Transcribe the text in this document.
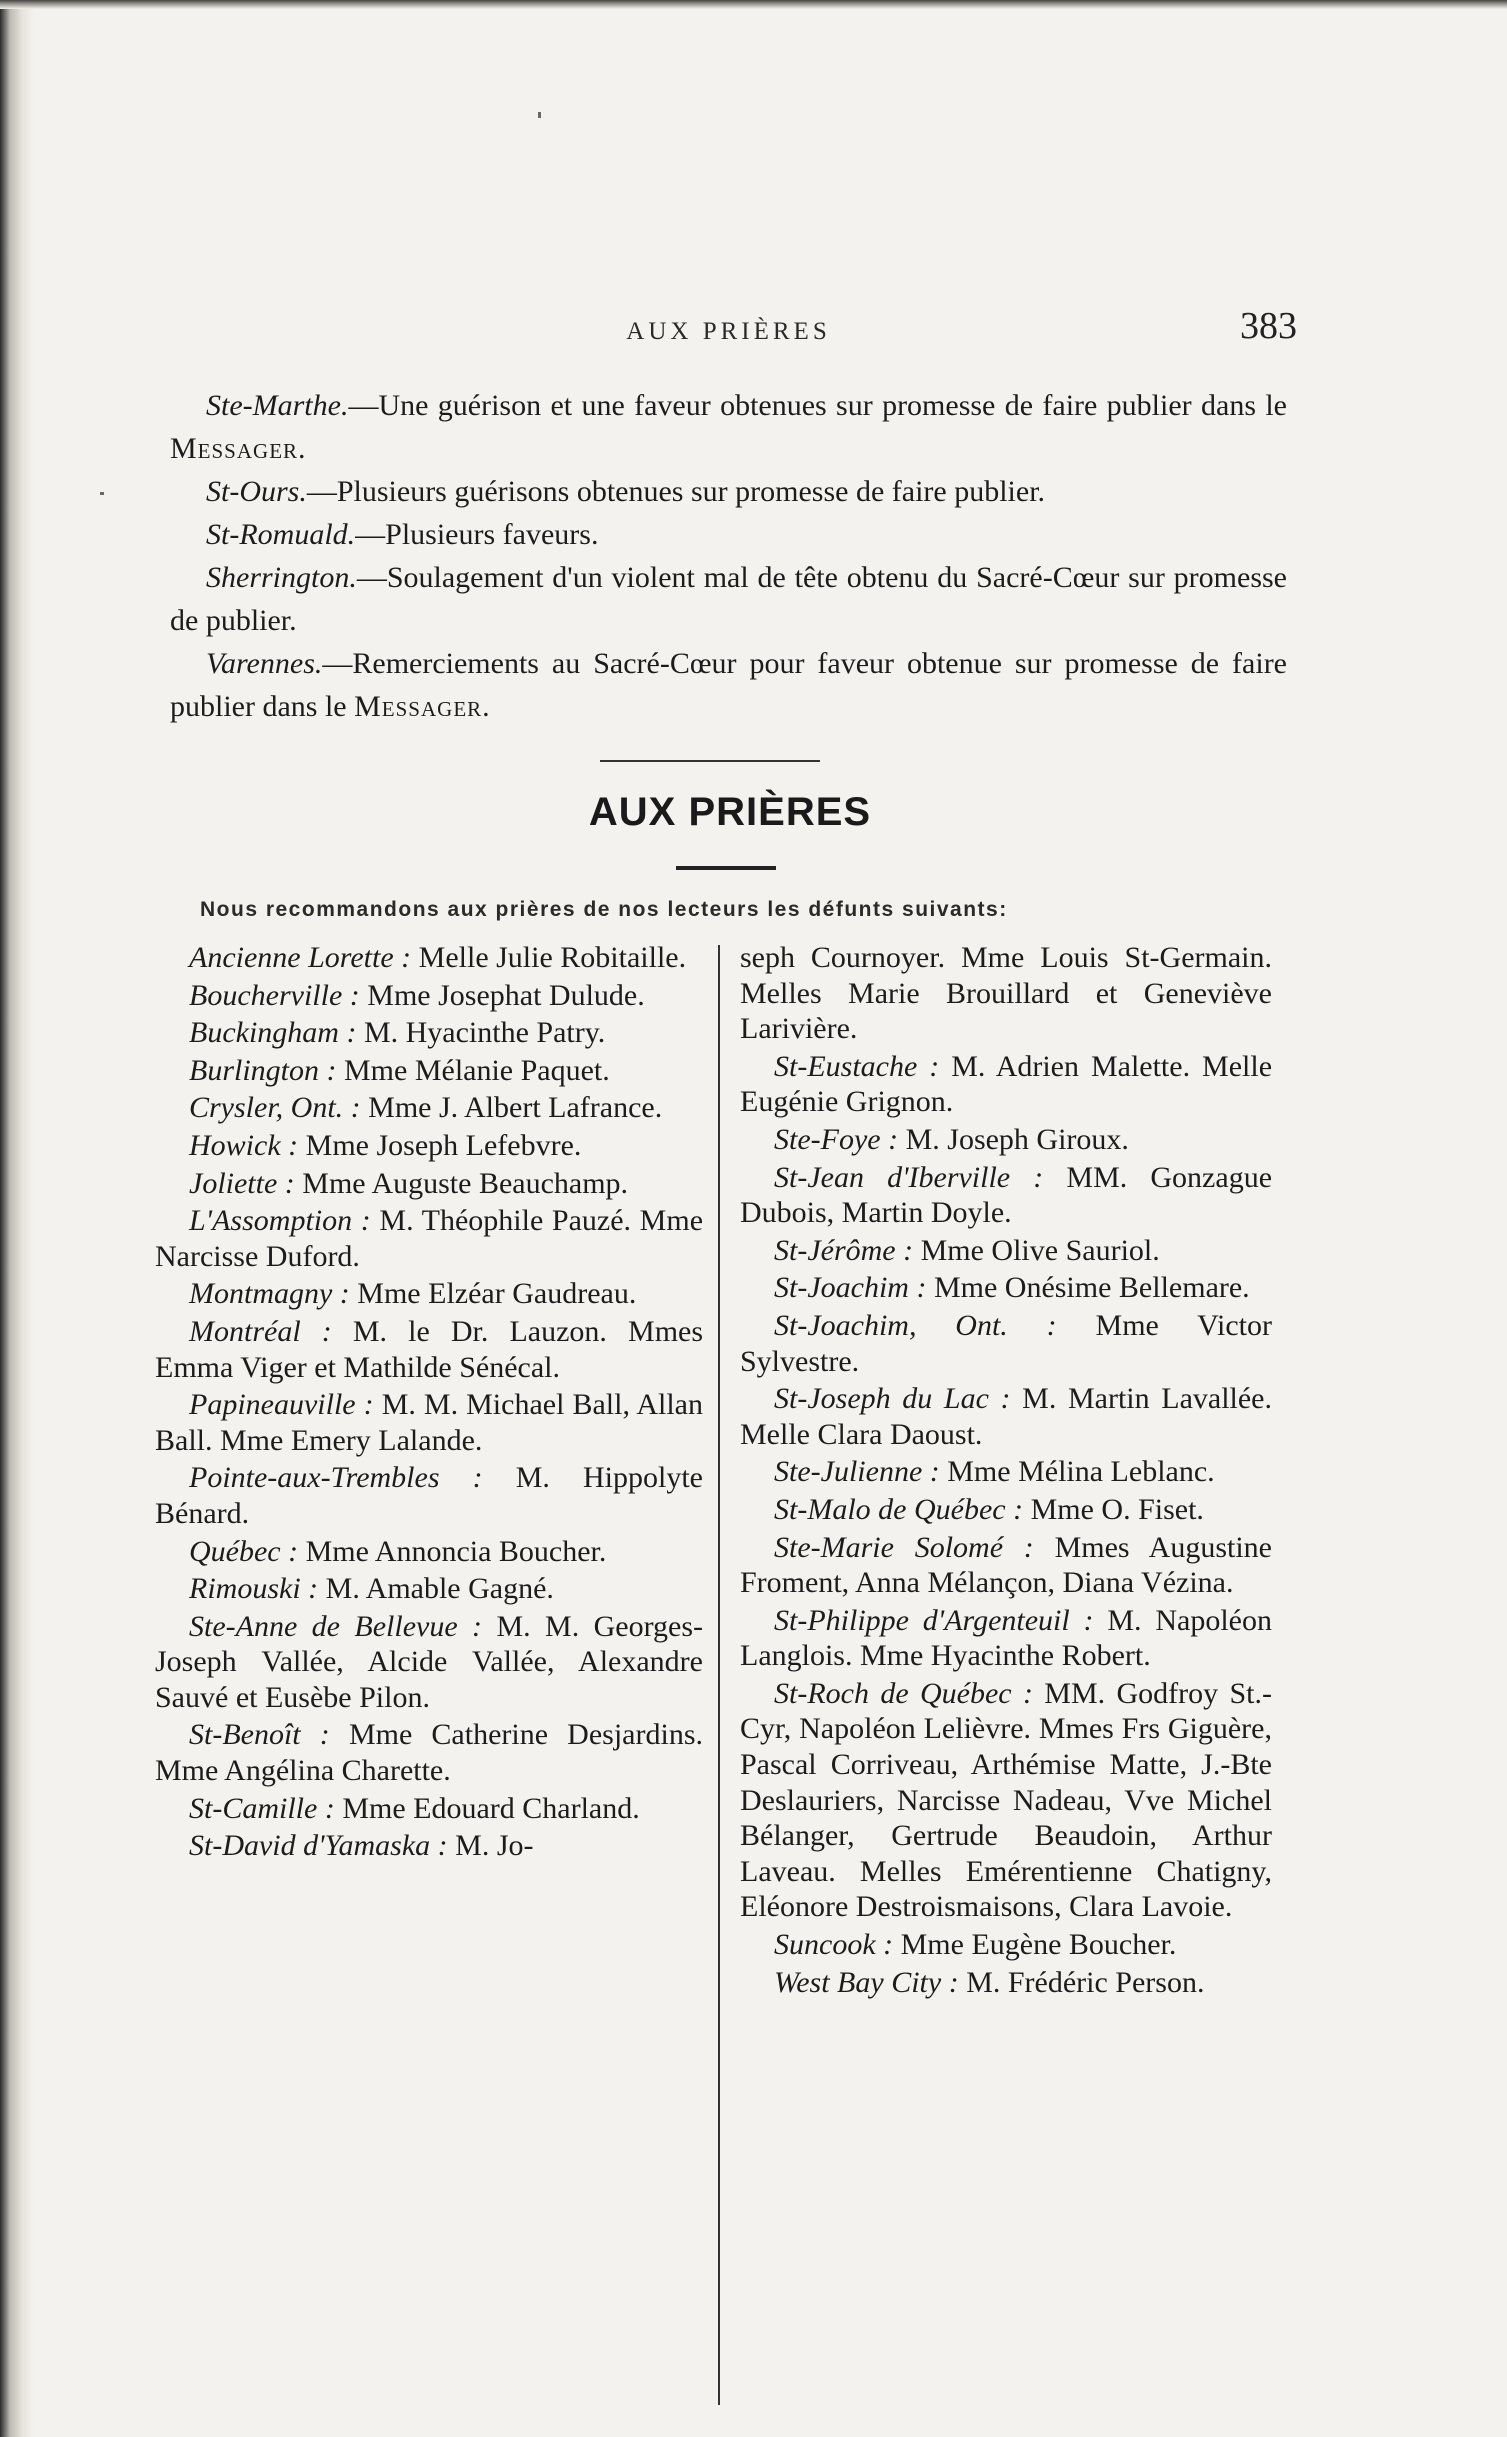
AUX PRIÈRES	383

Ste-Marthe.—Une guérison et une faveur obtenues sur promesse de faire publier dans le Messager.

St-Ours.—Plusieurs guérisons obtenues sur promesse de faire publier.

St-Romuald.—Plusieurs faveurs.

Sherrington.—Soulagement d'un violent mal de tête obtenu du Sacré-Cœur sur promesse de publier.

Varennes.—Remerciements au Sacré-Cœur pour faveur obtenue sur promesse de faire publier dans le Messager.

AUX PRIÈRES
Nous recommandons aux prières de nos lecteurs les défunts suivants:

Ancienne Lorette : Melle Julie Robitaille.

Boucherville : Mme Josephat Dulude.

Buckingham : M. Hyacinthe Patry.

Burlington : Mme Mélanie Paquet.

Crysler, Ont. : Mme J. Albert Lafrance.

Howick : Mme Joseph Lefebvre.

Joliette : Mme Auguste Beauchamp.

L'Assomption : M. Théophile Pauzé. Mme Narcisse Duford.

Montmagny : Mme Elzéar Gaudreau.

Montréal : M. le Dr. Lauzon. Mmes Emma Viger et Mathilde Sénécal.

Papineauville : M. M. Michael Ball, Allan Ball. Mme Emery Lalande.

Pointe-aux-Trembles : M. Hippolyte Bénard.

Québec : Mme Annoncia Boucher.

Rimouski : M. Amable Gagné.

Ste-Anne de Bellevue : M. M. Georges-Joseph Vallée, Alcide Vallée, Alexandre Sauvé et Eusèbe Pilon.

St-Benoît : Mme Catherine Desjardins. Mme Angélina Charette.

St-Camille : Mme Edouard Charland.

St-David d'Yamaska : M. Jo-

seph Cournoyer. Mme Louis St-Germain. Melles Marie Brouillard et Geneviève Larivière.

St-Eustache : M. Adrien Malette. Melle Eugénie Grignon.

Ste-Foye : M. Joseph Giroux.

St-Jean d'Iberville : MM. Gonzague Dubois, Martin Doyle.

St-Jérôme : Mme Olive Sauriol.

St-Joachim : Mme Onésime Bellemare.

St-Joachim, Ont. : Mme Victor Sylvestre.

St-Joseph du Lac : M. Martin Lavallée. Melle Clara Daoust.

Ste-Julienne : Mme Mélina Leblanc.

St-Malo de Québec : Mme O. Fiset.

Ste-Marie Solomé : Mmes Augustine Froment, Anna Mélançon, Diana Vézina.

St-Philippe d'Argenteuil : M. Napoléon Langlois. Mme Hyacinthe Robert.

St-Roch de Québec : MM. Godfroy St.-Cyr, Napoléon Lelièvre. Mmes Frs Giguère, Pascal Corriveau, Arthémise Matte, J.-Bte Deslauriers, Narcisse Nadeau, Vve Michel Bélanger, Gertrude Beaudoin, Arthur Laveau. Melles Emérentienne Chatigny, Eléonore Destroismaisons, Clara Lavoie.

Suncook : Mme Eugène Boucher.

West Bay City : M. Frédéric Person.
